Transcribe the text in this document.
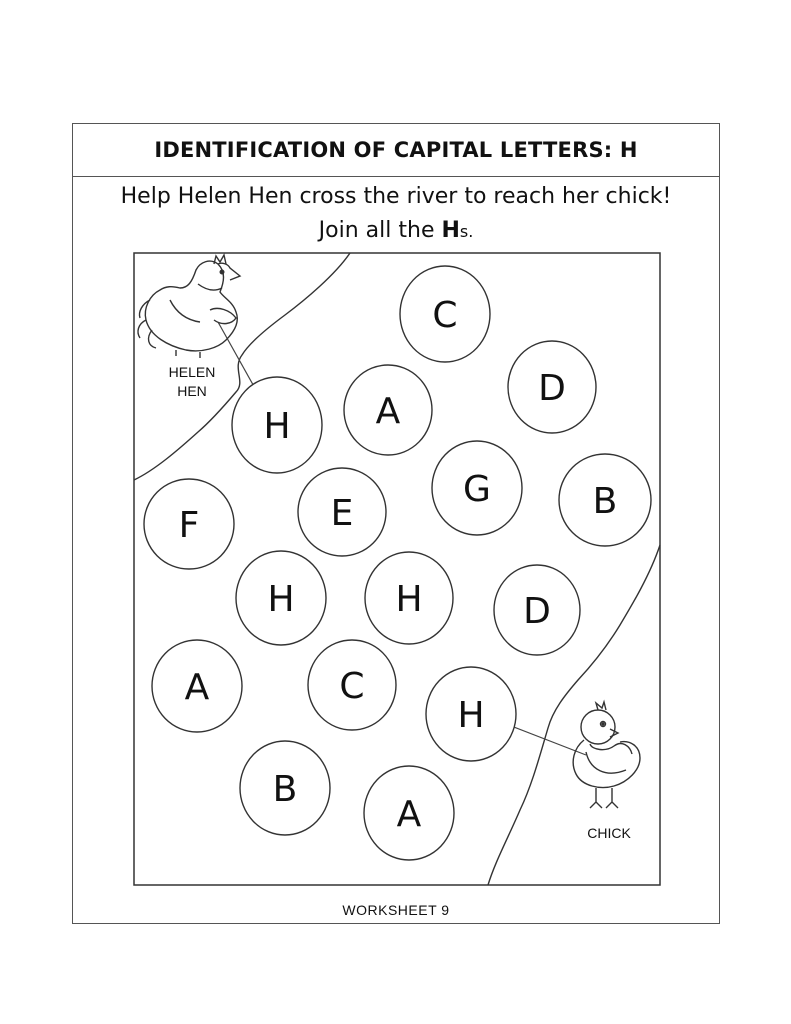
IDENTIFICATION OF CAPITAL LETTERS: H
Help Helen Hen cross the river to reach her chick!
Join all the Hs.
WORKSHEET 9
HELEN
HEN
CHICK
C
D
A
H
G	B
E
F
H	H	D
A	C
H
B
A
